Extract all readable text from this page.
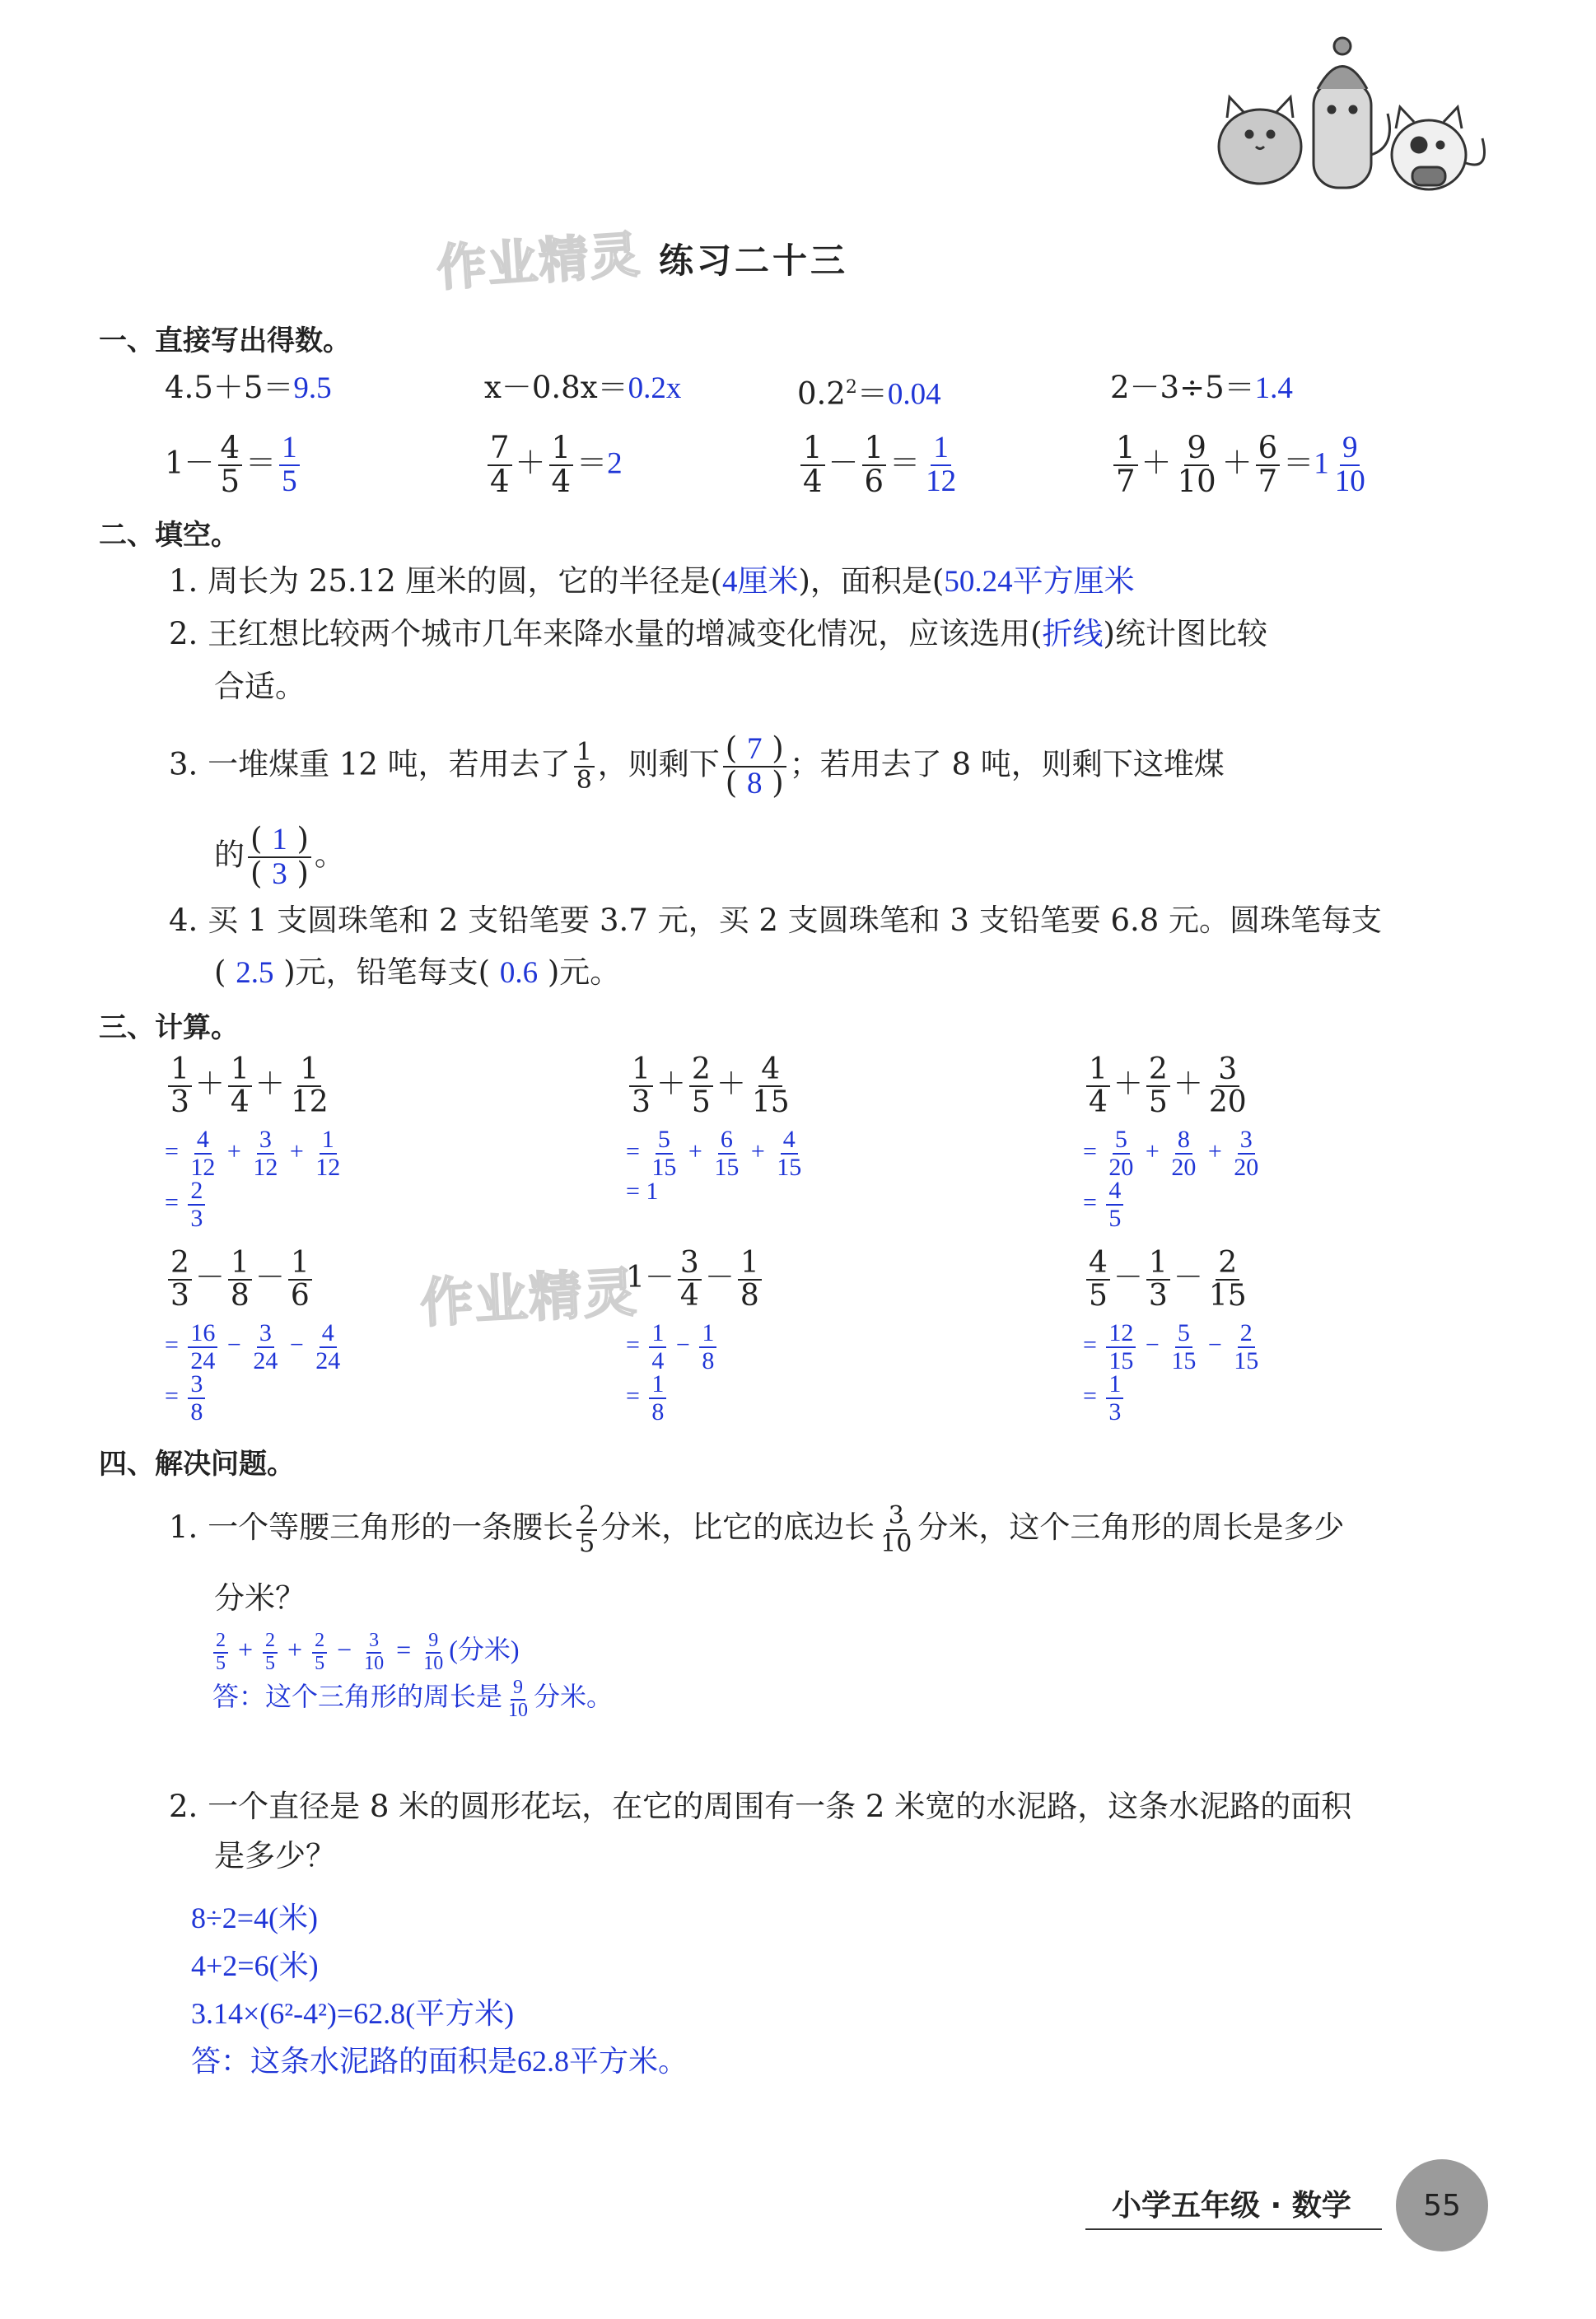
作业精灵 练习二十三
一、直接写出得数。
4.5＋5＝9.5	x－0.8x＝0.2x	$0.2^2=0.04$	2－3÷5＝1.4
$1- \frac{4}{5} = \frac{1}{5}$	$\frac{7}{4} + \frac{1}{4} =2$	$\frac{1}{4} - \frac{1}{6} = \frac{1}{12}$	$\frac{1}{7} + \frac{9}{10} + \frac{6}{7} =1 \frac{9}{10}$
二、填空。
1. 周长为 25.12 厘米的圆，它的半径是(4厘米)，面积是(50.24平方厘米
2. 王红想比较两个城市几年来降水量的增减变化情况，应该选用(折线)统计图比较
合适。
3. 一堆煤重 12 吨，若用去了 $\frac{1}{8}$ ，则剩下 $\frac{( 7 )}{( 8 )}$ ；若用去了 8 吨，则剩下这堆煤
的 $\frac{( 1 )}{( 3 )}$ 。
4. 买 1 支圆珠笔和 2 支铅笔要 3.7 元，买 2 支圆珠笔和 3 支铅笔要 6.8 元。圆珠笔每支
( 2.5 )元，铅笔每支( 0.6 )元。
三、计算。
$\frac{1}{3} + \frac{1}{4} + \frac{1}{12}$
= $\frac{4}{12} + \frac{3}{12} + \frac{1}{12}$
= $\frac{2}{3}$
$\frac{1}{3} + \frac{2}{5} + \frac{4}{15}$
= $\frac{5}{15} + \frac{6}{15} + \frac{4}{15}$
= 1
$\frac{1}{4} + \frac{2}{5} + \frac{3}{20}$
= $\frac{5}{20} + \frac{8}{20} + \frac{3}{20}$
= $\frac{4}{5}$
$\frac{2}{3} - \frac{1}{8} - \frac{1}{6}$
= $\frac{16}{24} - \frac{3}{24} - \frac{4}{24}$
= $\frac{3}{8}$
$1- \frac{3}{4} - \frac{1}{8}$
= $\frac{1}{4} - \frac{1}{8}$
= $\frac{1}{8}$
$\frac{4}{5} - \frac{1}{3} - \frac{2}{15}$
= $\frac{12}{15} - \frac{5}{15} - \frac{2}{15}$
= $\frac{1}{3}$
作业精灵
四、解决问题。
1. 一个等腰三角形的一条腰长 $\frac{2}{5}$ 分米，比它的底边长 $\frac{3}{10}$ 分米，这个三角形的周长是多少
分米？
$\frac{2}{5} + \frac{2}{5} + \frac{2}{5} - \frac{3}{10} = \frac{9}{10}$ (分米)
答：这个三角形的周长是 $\frac{9}{10}$ 分米。
2. 一个直径是 8 米的圆形花坛，在它的周围有一条 2 米宽的水泥路，这条水泥路的面积
是多少？
8÷2=4(米)
4+2=6(米)
3.14×(6²-4²)=62.8(平方米)
答：这条水泥路的面积是62.8平方米。
小学五年级 · 数学	55
